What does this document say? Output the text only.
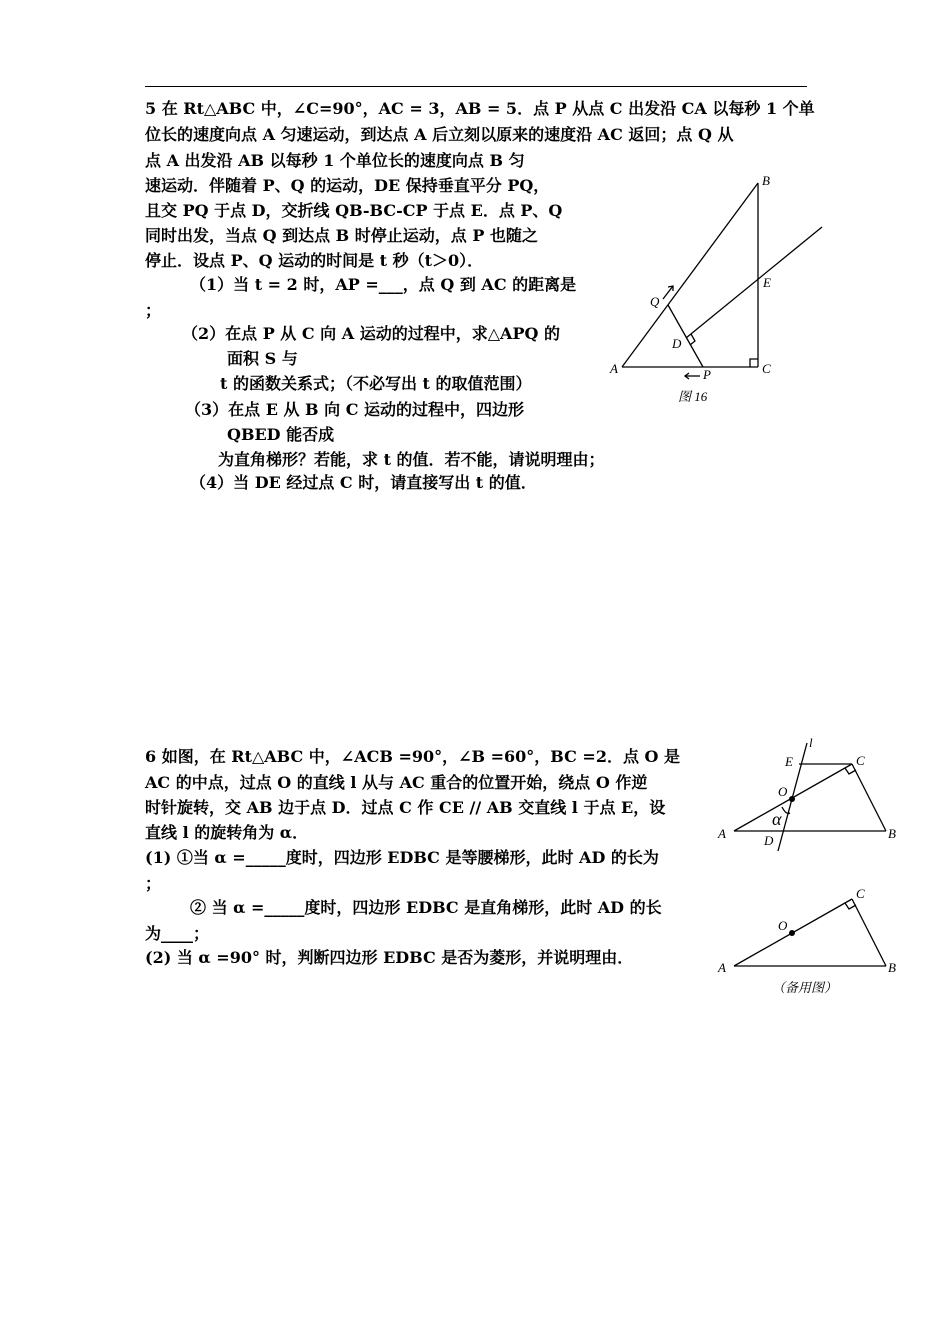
5 在 Rt△ABC 中，∠C=90°，AC = 3，AB = 5．点 P 从点 C 出发沿 CA 以每秒 1 个单
位长的速度向点 A 匀速运动，到达点 A 后立刻以原来的速度沿 AC 返回；点 Q 从
点 A 出发沿 AB 以每秒 1 个单位长的速度向点 B 匀
速运动．伴随着 P、Q 的运动，DE 保持垂直平分 PQ，
且交 PQ 于点 D，交折线 QB-BC-CP 于点 E．点 P、Q
同时出发，当点 Q 到达点 B 时停止运动，点 P 也随之
停止．设点 P、Q 运动的时间是 t 秒（t＞0）．
（1）当 t = 2 时，AP =___，点 Q 到 AC 的距离是
；
（2）在点 P 从 C 向 A 运动的过程中，求△APQ 的
面积 S 与
t 的函数关系式；（不必写出 t 的取值范围）
（3）在点 E 从 B 向 C 运动的过程中，四边形
QBED 能否成
为直角梯形？若能，求 t 的值．若不能，请说明理由；
（4）当 DE 经过点 C 时，请直接写出 t 的值．
B
E
Q
D
A	C
P
图 16
6 如图，在 Rt△ABC 中，∠ACB =90°，∠B =60°，BC =2．点 O 是
AC 的中点，过点 O 的直线 l 从与 AC 重合的位置开始，绕点 O 作逆
时针旋转，交 AB 边于点 D．过点 C 作 CE // AB 交直线 l 于点 E，设
直线 l 的旋转角为 α．
(1) ①当 α =_____度时，四边形 EDBC 是等腰梯形，此时 AD 的长为
；
② 当 α =_____度时，四边形 EDBC 是直角梯形，此时 AD 的长
为____；
(2) 当 α =90° 时，判断四边形 EDBC 是否为菱形，并说明理由．
l
E	C
O
α
A	D	B
C
O
A	B
（备用图）
